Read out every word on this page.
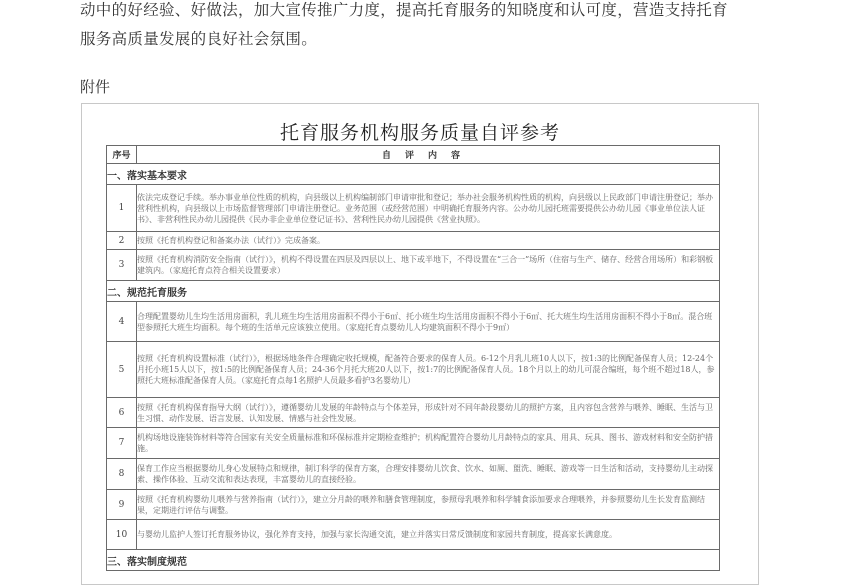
动中的好经验、好做法，加大宣传推广力度，提高托育服务的知晓度和认可度，营造支持托育
服务高质量发展的良好社会氛围。
附件
托育服务机构服务质量自评参考
序号	自评内容
一、落实基本要求	
1	依法完成登记手续。举办事业单位性质的机构，向县级以上机构编制部门申请审批和登记；举办社会服务机构性质的机构，向县级以上民政部门申请注册登记；举办营利性机构，向县级以上市场监督管理部门申请注册登记。业务范围（或经营范围）中明确托育服务内容。公办幼儿园托班需要提供公办幼儿园《事业单位法人证书》、非营利性民办幼儿园提供《民办非企业单位登记证书》、营利性民办幼儿园提供《营业执照》。
2	按照《托育机构登记和备案办法（试行）》完成备案。
3	按照《托育机构消防安全指南（试行）》，机构不得设置在四层及四层以上、地下或半地下，不得设置在“三合一”场所（住宿与生产、储存、经营合用场所）和彩钢板建筑内。（家庭托育点符合相关设置要求）
二、规范托育服务	
4	合理配置婴幼儿生均生活用房面积，乳儿班生均生活用房面积不得小于6㎡、托小班生均生活用房面积不得小于6㎡、托大班生均生活用房面积不得小于8㎡。混合班型参照托大班生均面积。每个班的生活单元应该独立使用。（家庭托育点婴幼儿人均建筑面积不得小于9㎡）
5	按照《托育机构设置标准（试行）》，根据场地条件合理确定收托规模，配备符合要求的保育人员。6-12个月乳儿班10人以下，按1:3的比例配备保育人员；12-24个月托小班15人以下，按1:5的比例配备保育人员；24-36个月托大班20人以下，按1:7的比例配备保育人员。18个月以上的幼儿可混合编班，每个班不超过18人，参照托大班标准配备保育人员。（家庭托育点每1名照护人员最多看护3名婴幼儿）
6	按照《托育机构保育指导大纲（试行）》，遵循婴幼儿发展的年龄特点与个体差异，形成针对不同年龄段婴幼儿的照护方案，且内容包含营养与喂养、睡眠、生活与卫生习惯、动作发展、语言发展、认知发展、情感与社会性发展。
7	机构场地设施装饰材料等符合国家有关安全质量标准和环保标准并定期检查维护；机构配置符合婴幼儿月龄特点的家具、用具、玩具、图书、游戏材料和安全防护措施。
8	保育工作应当根据婴幼儿身心发展特点和规律，制订科学的保育方案，合理安排婴幼儿饮食、饮水、如厕、盥洗、睡眠、游戏等一日生活和活动，支持婴幼儿主动探索、操作体验、互动交流和表达表现，丰富婴幼儿的直接经验。
9	按照《托育机构婴幼儿喂养与营养指南（试行）》，建立分月龄的喂养和膳食管理制度，参照母乳喂养和科学辅食添加要求合理喂养，并参照婴幼儿生长发育监测结果，定期进行评估与调整。
10	与婴幼儿监护人签订托育服务协议，强化养育支持，加强与家长沟通交流，建立并落实日常反馈制度和家园共育制度，提高家长满意度。
三、落实制度规范	
